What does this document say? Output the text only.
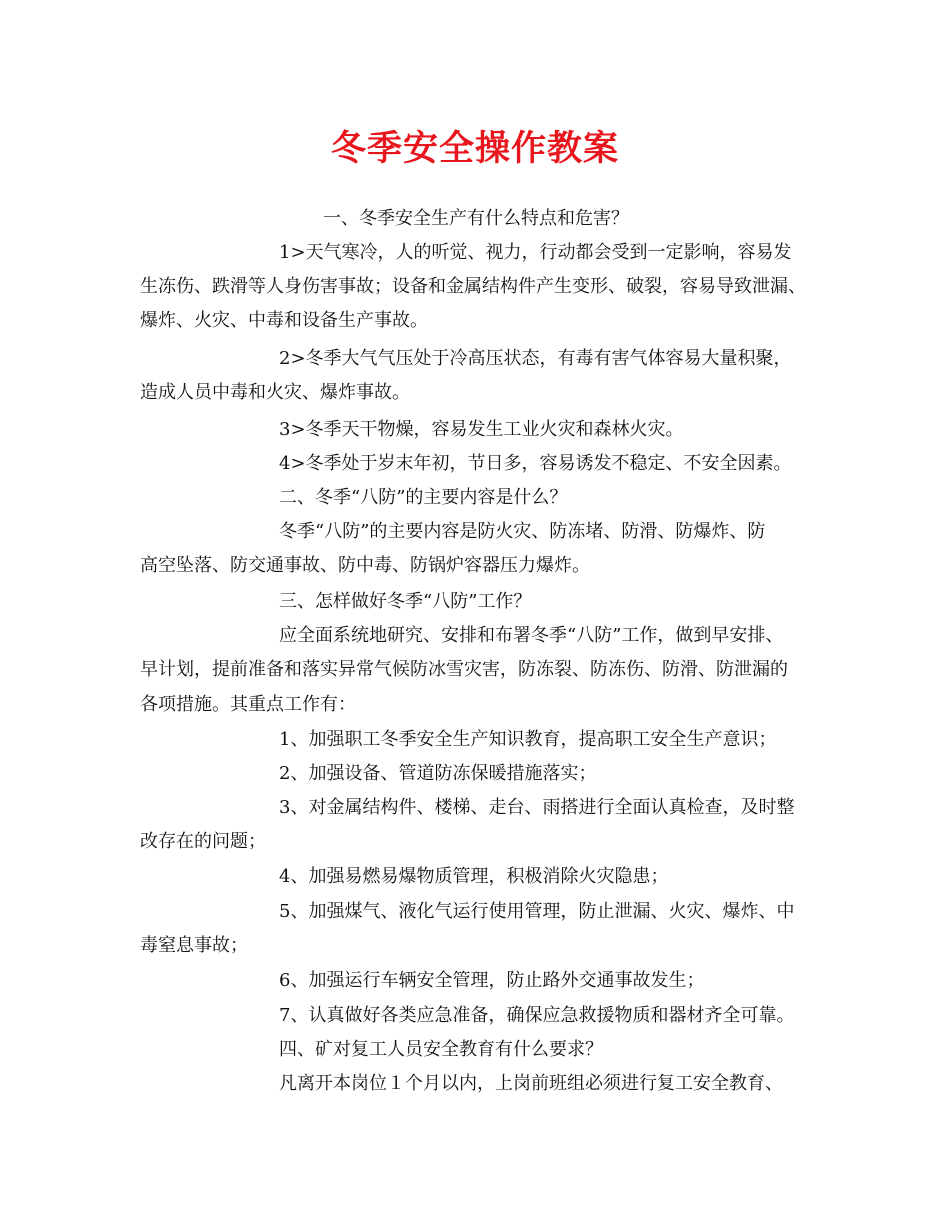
冬季安全操作教案

一、冬季安全生产有什么特点和危害？

1>天气寒冷，人的听觉、视力，行动都会受到一定影响，容易发

生冻伤、跌滑等人身伤害事故；设备和金属结构件产生变形、破裂，容易导致泄漏、

爆炸、火灾、中毒和设备生产事故。

2>冬季大气气压处于冷高压状态，有毒有害气体容易大量积聚，

造成人员中毒和火灾、爆炸事故。

3>冬季天干物燥，容易发生工业火灾和森林火灾。

4>冬季处于岁末年初，节日多，容易诱发不稳定、不安全因素。

二、冬季“八防”的主要内容是什么？

冬季“八防”的主要内容是防火灾、防冻堵、防滑、防爆炸、防

高空坠落、防交通事故、防中毒、防锅炉容器压力爆炸。

三、怎样做好冬季“八防”工作？

应全面系统地研究、安排和布署冬季“八防”工作，做到早安排、

早计划，提前准备和落实异常气候防冰雪灾害，防冻裂、防冻伤、防滑、防泄漏的

各项措施。其重点工作有：

1、加强职工冬季安全生产知识教育，提高职工安全生产意识；

2、加强设备、管道防冻保暖措施落实；

3、对金属结构件、楼梯、走台、雨搭进行全面认真检查，及时整

改存在的问题；

4、加强易燃易爆物质管理，积极消除火灾隐患；

5、加强煤气、液化气运行使用管理，防止泄漏、火灾、爆炸、中

毒窒息事故；

6、加强运行车辆安全管理，防止路外交通事故发生；

7、认真做好各类应急准备，确保应急救援物质和器材齐全可靠。

四、矿对复工人员安全教育有什么要求？

凡离开本岗位１个月以内，上岗前班组必须进行复工安全教育、
